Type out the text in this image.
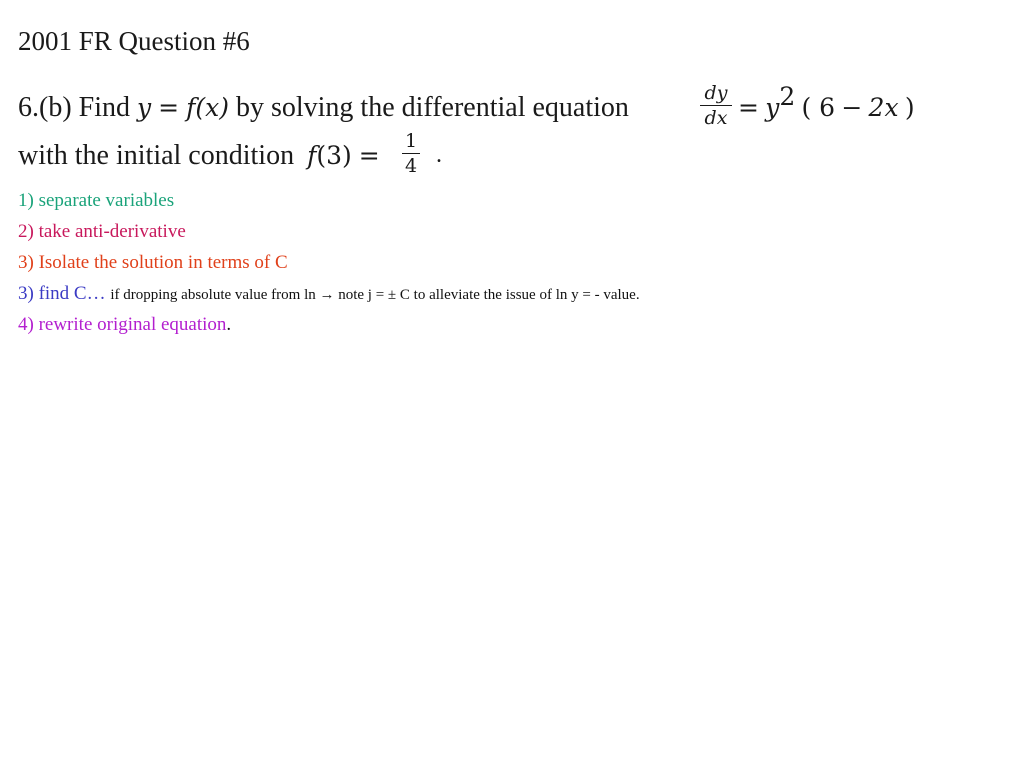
2001 FR Question #6
6.(b) Find y = f(x) by solving the differential equation	dy
dx = $y^2$ ( 6 − 2x )
with the initial condition f(3) = 1
4 .
1) separate variables
2) take anti-derivative
3) Isolate the solution in terms of C
3) find C… if dropping absolute value from ln → note j = ± C to alleviate the issue of ln y = - value.
4) rewrite original equation.
